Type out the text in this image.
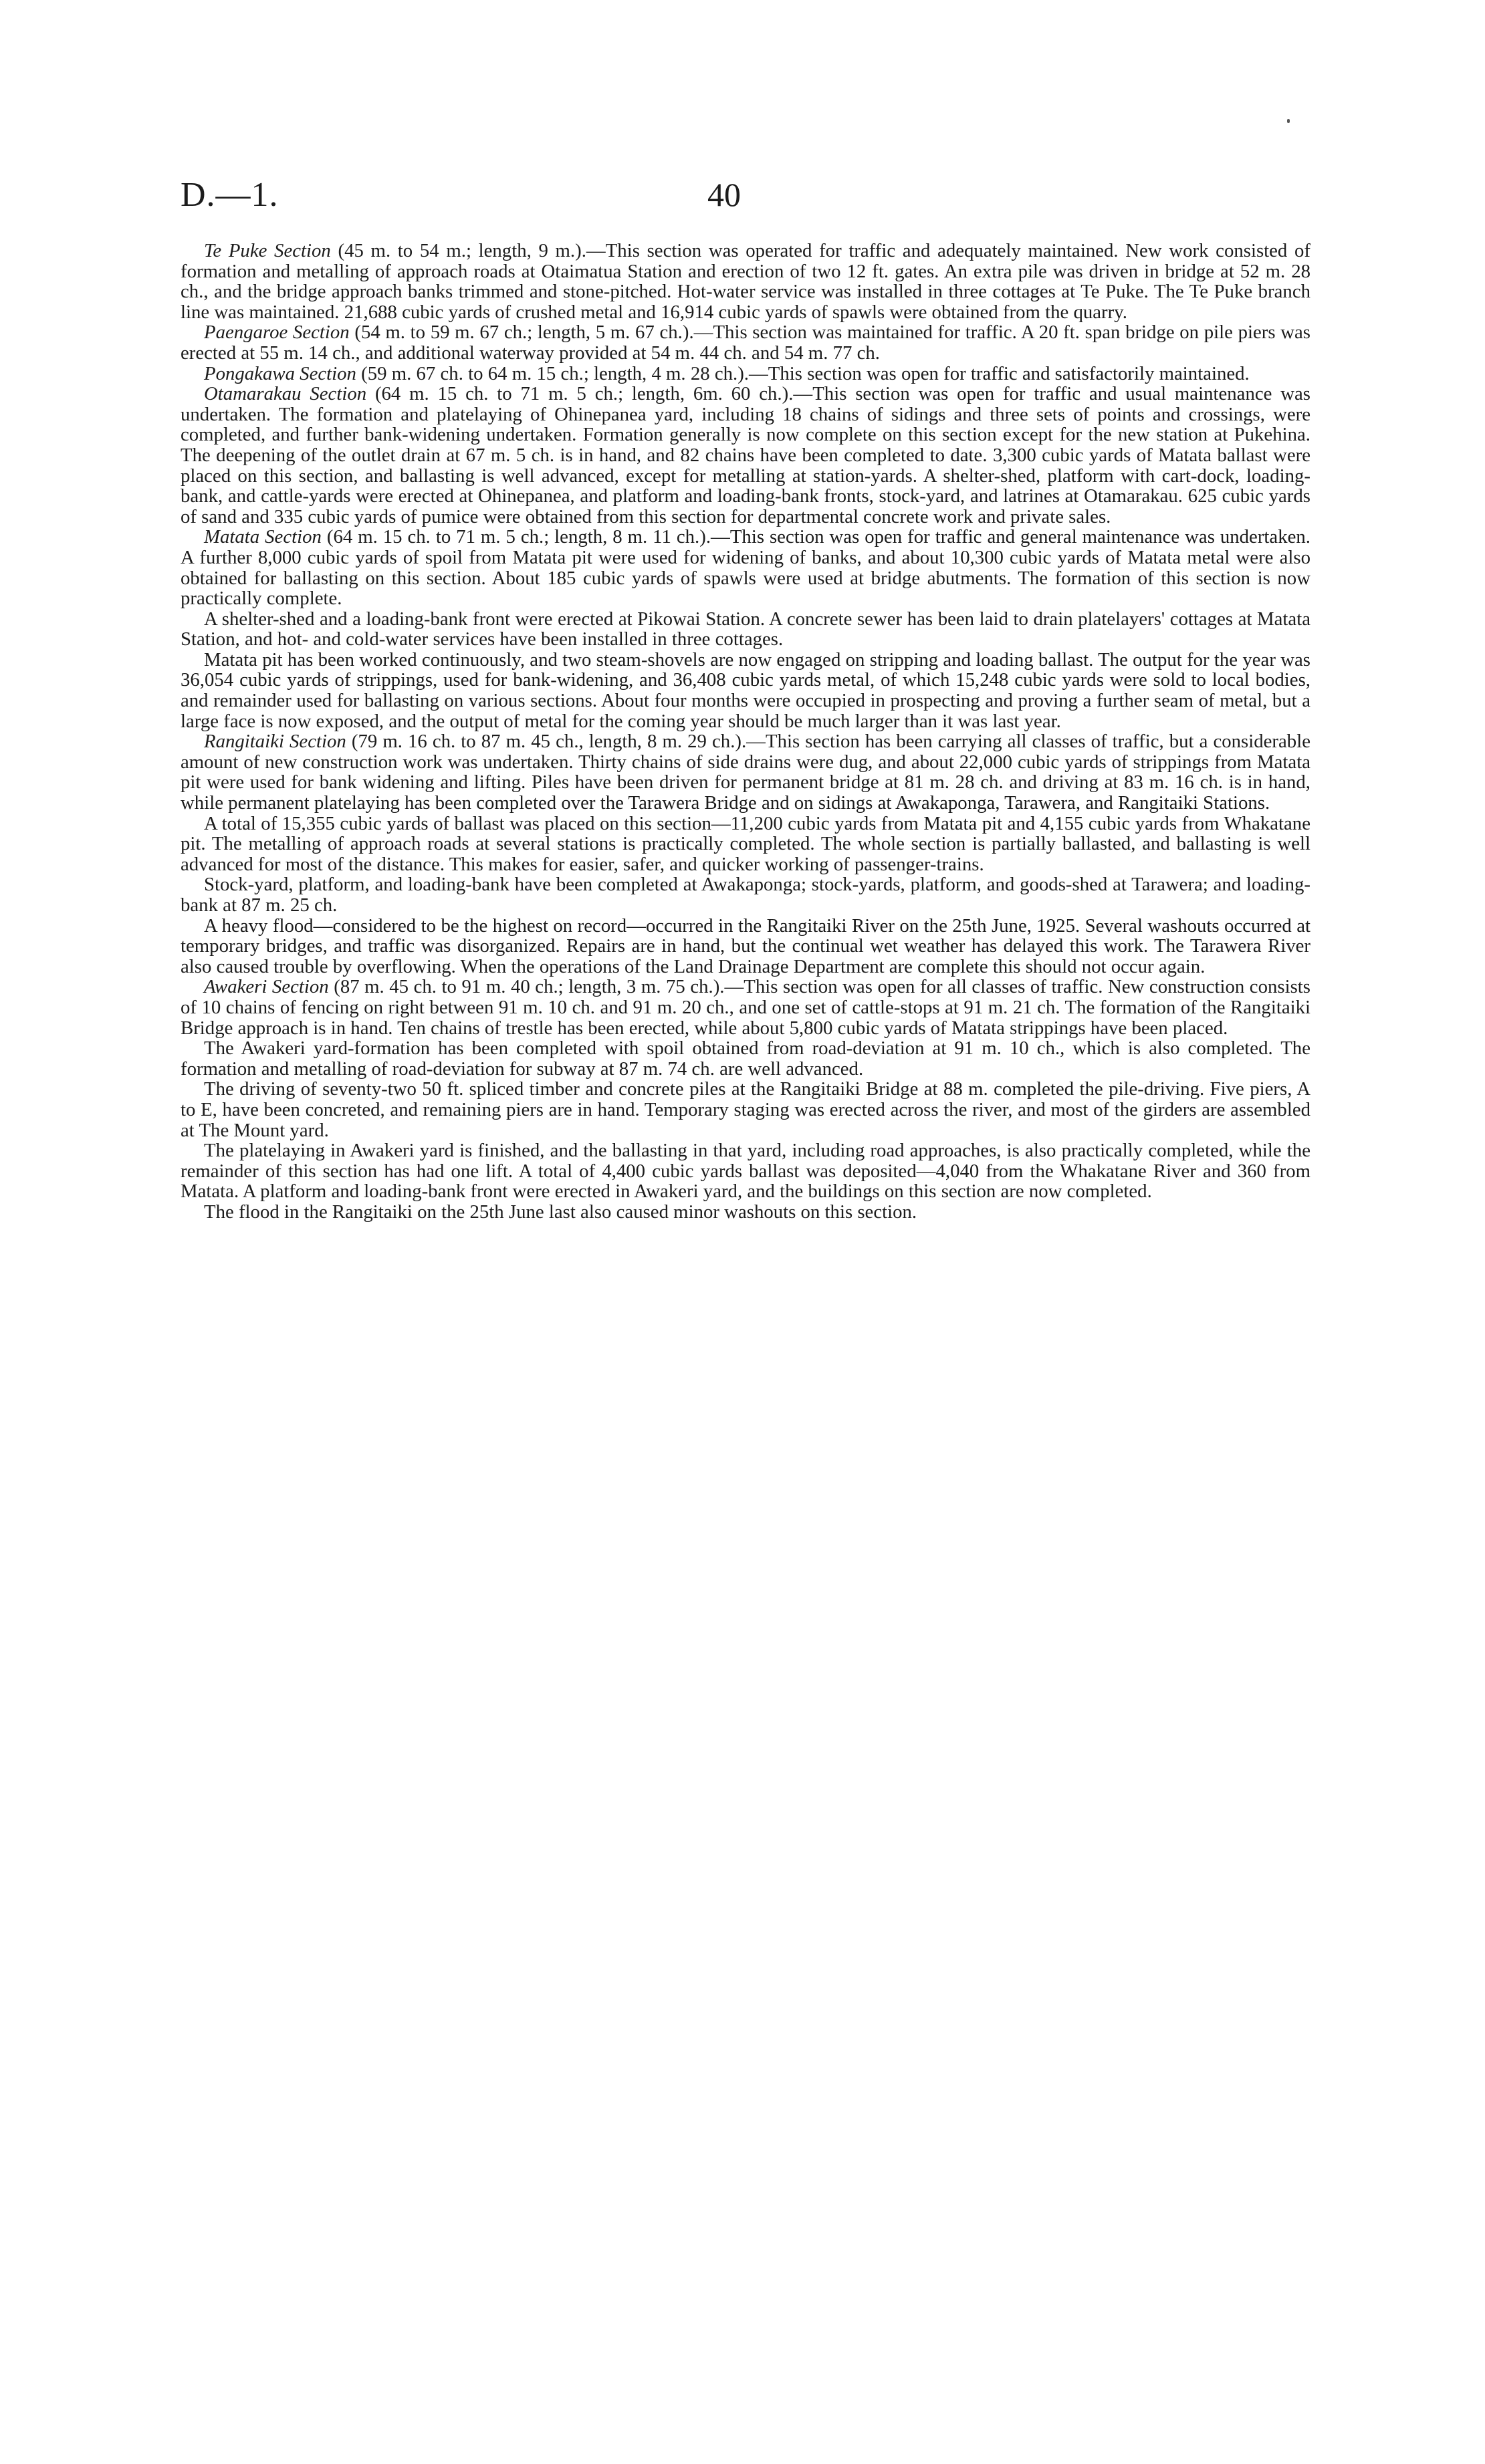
D.—1.	40

Te Puke Section (45 m. to 54 m.; length, 9 m.).—This section was operated for traffic and adequately maintained. New work consisted of formation and metalling of approach roads at Otaimatua Station and erection of two 12 ft. gates. An extra pile was driven in bridge at 52 m. 28 ch., and the bridge approach banks trimmed and stone-pitched. Hot-water service was installed in three cottages at Te Puke. The Te Puke branch line was maintained. 21,688 cubic yards of crushed metal and 16,914 cubic yards of spawls were obtained from the quarry.

Paengaroe Section (54 m. to 59 m. 67 ch.; length, 5 m. 67 ch.).—This section was maintained for traffic. A 20 ft. span bridge on pile piers was erected at 55 m. 14 ch., and additional waterway provided at 54 m. 44 ch. and 54 m. 77 ch.

Pongakawa Section (59 m. 67 ch. to 64 m. 15 ch.; length, 4 m. 28 ch.).—This section was open for traffic and satisfactorily maintained.

Otamarakau Section (64 m. 15 ch. to 71 m. 5 ch.; length, 6m. 60 ch.).—This section was open for traffic and usual maintenance was undertaken. The formation and platelaying of Ohinepanea yard, including 18 chains of sidings and three sets of points and crossings, were completed, and further bank-widening undertaken. Formation generally is now complete on this section except for the new station at Pukehina. The deepening of the outlet drain at 67 m. 5 ch. is in hand, and 82 chains have been completed to date. 3,300 cubic yards of Matata ballast were placed on this section, and ballasting is well advanced, except for metalling at station-yards. A shelter-shed, platform with cart-dock, loading-bank, and cattle-yards were erected at Ohinepanea, and platform and loading-bank fronts, stock-yard, and latrines at Otamarakau. 625 cubic yards of sand and 335 cubic yards of pumice were obtained from this section for departmental concrete work and private sales.

Matata Section (64 m. 15 ch. to 71 m. 5 ch.; length, 8 m. 11 ch.).—This section was open for traffic and general maintenance was undertaken. A further 8,000 cubic yards of spoil from Matata pit were used for widening of banks, and about 10,300 cubic yards of Matata metal were also obtained for ballasting on this section. About 185 cubic yards of spawls were used at bridge abutments. The formation of this section is now practically complete.

A shelter-shed and a loading-bank front were erected at Pikowai Station. A concrete sewer has been laid to drain platelayers' cottages at Matata Station, and hot- and cold-water services have been installed in three cottages.

Matata pit has been worked continuously, and two steam-shovels are now engaged on stripping and loading ballast. The output for the year was 36,054 cubic yards of strippings, used for bank-widening, and 36,408 cubic yards metal, of which 15,248 cubic yards were sold to local bodies, and remainder used for ballasting on various sections. About four months were occupied in prospecting and proving a further seam of metal, but a large face is now exposed, and the output of metal for the coming year should be much larger than it was last year.

Rangitaiki Section (79 m. 16 ch. to 87 m. 45 ch., length, 8 m. 29 ch.).—This section has been carrying all classes of traffic, but a considerable amount of new construction work was undertaken. Thirty chains of side drains were dug, and about 22,000 cubic yards of strippings from Matata pit were used for bank widening and lifting. Piles have been driven for permanent bridge at 81 m. 28 ch. and driving at 83 m. 16 ch. is in hand, while permanent platelaying has been completed over the Tarawera Bridge and on sidings at Awakaponga, Tarawera, and Rangitaiki Stations.

A total of 15,355 cubic yards of ballast was placed on this section—11,200 cubic yards from Matata pit and 4,155 cubic yards from Whakatane pit. The metalling of approach roads at several stations is practically completed. The whole section is partially ballasted, and ballasting is well advanced for most of the distance. This makes for easier, safer, and quicker working of passenger-trains.

Stock-yard, platform, and loading-bank have been completed at Awakaponga; stock-yards, platform, and goods-shed at Tarawera; and loading-bank at 87 m. 25 ch.

A heavy flood—considered to be the highest on record—occurred in the Rangitaiki River on the 25th June, 1925. Several washouts occurred at temporary bridges, and traffic was disorganized. Repairs are in hand, but the continual wet weather has delayed this work. The Tarawera River also caused trouble by overflowing. When the operations of the Land Drainage Department are complete this should not occur again.

Awakeri Section (87 m. 45 ch. to 91 m. 40 ch.; length, 3 m. 75 ch.).—This section was open for all classes of traffic. New construction consists of 10 chains of fencing on right between 91 m. 10 ch. and 91 m. 20 ch., and one set of cattle-stops at 91 m. 21 ch. The formation of the Rangitaiki Bridge approach is in hand. Ten chains of trestle has been erected, while about 5,800 cubic yards of Matata strippings have been placed.

The Awakeri yard-formation has been completed with spoil obtained from road-deviation at 91 m. 10 ch., which is also completed. The formation and metalling of road-deviation for subway at 87 m. 74 ch. are well advanced.

The driving of seventy-two 50 ft. spliced timber and concrete piles at the Rangitaiki Bridge at 88 m. completed the pile-driving. Five piers, A to E, have been concreted, and remaining piers are in hand. Temporary staging was erected across the river, and most of the girders are assembled at The Mount yard.

The platelaying in Awakeri yard is finished, and the ballasting in that yard, including road approaches, is also practically completed, while the remainder of this section has had one lift. A total of 4,400 cubic yards ballast was deposited—4,040 from the Whakatane River and 360 from Matata. A platform and loading-bank front were erected in Awakeri yard, and the buildings on this section are now completed.

The flood in the Rangitaiki on the 25th June last also caused minor washouts on this section.
